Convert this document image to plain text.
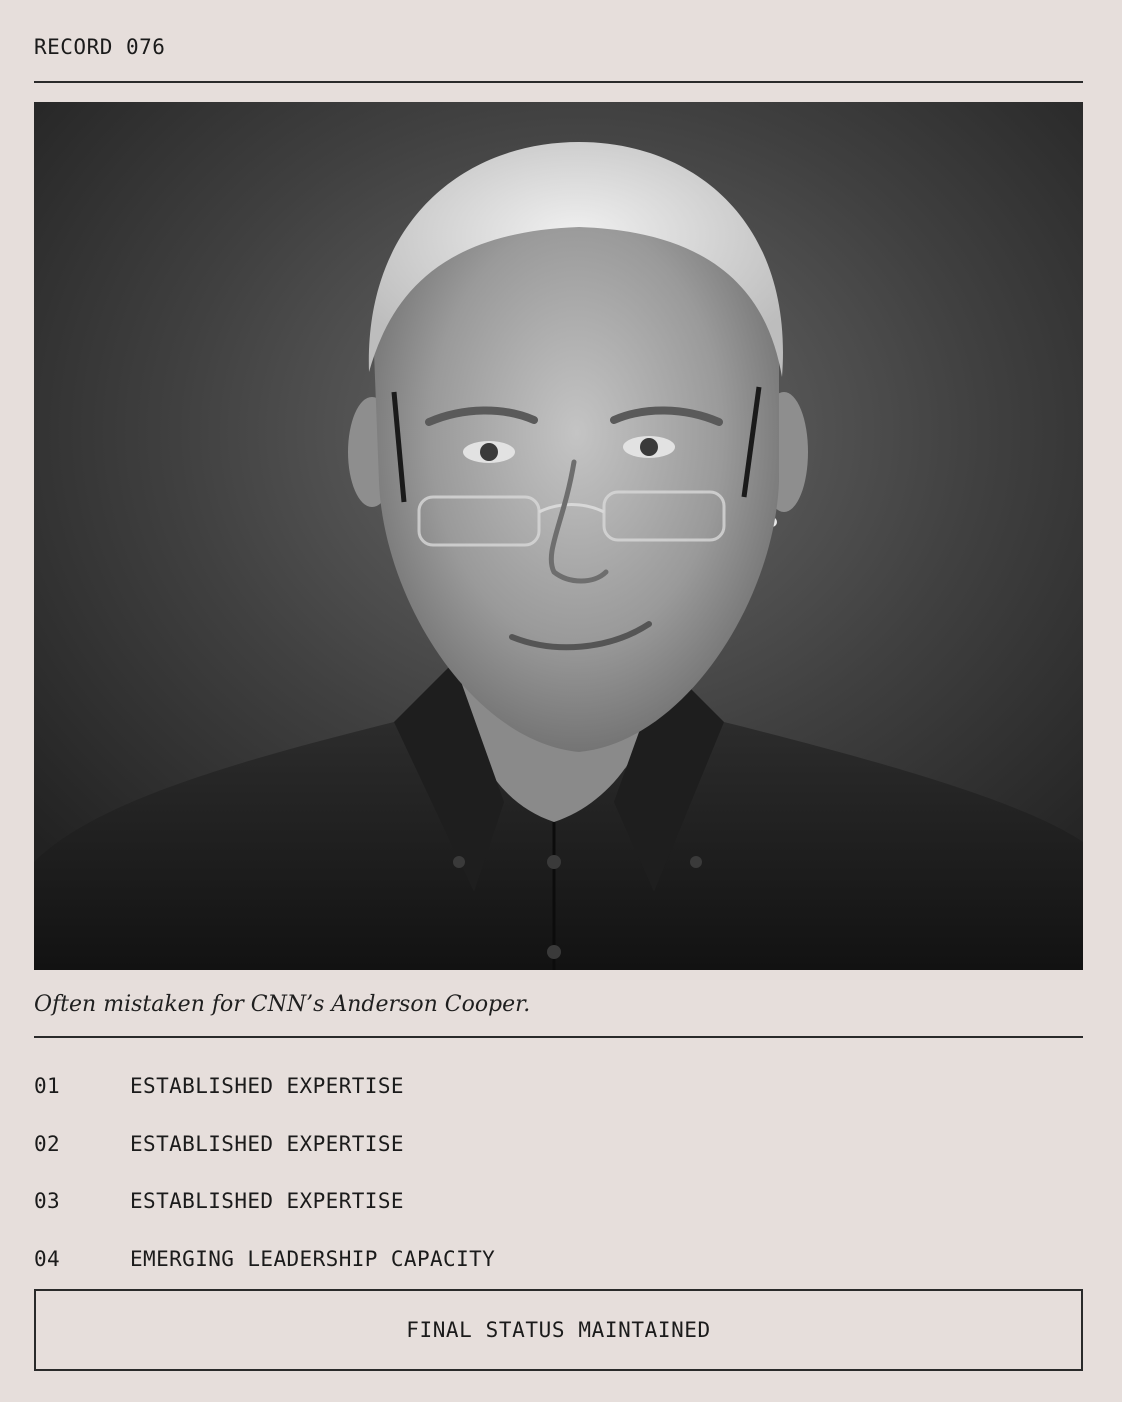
RECORD 076
Often mistaken for CNN’s Anderson Cooper.
01	ESTABLISHED EXPERTISE
02	ESTABLISHED EXPERTISE
03	ESTABLISHED EXPERTISE
04	EMERGING LEADERSHIP CAPACITY
FINAL STATUS MAINTAINED
